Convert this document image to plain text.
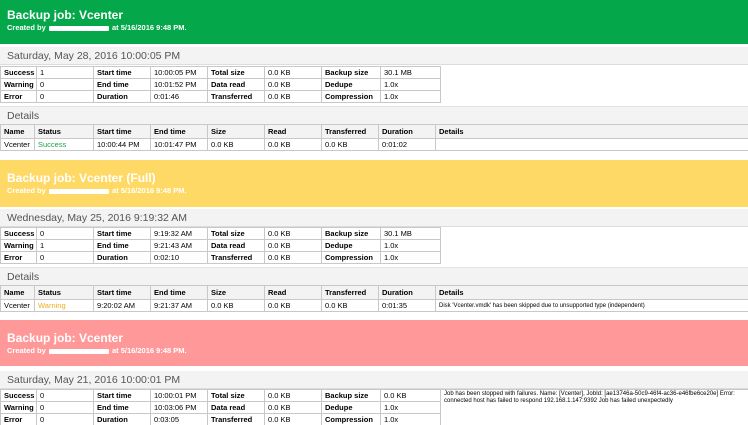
Backup job: Vcenter
Created by	at 5/16/2016 9:48 PM.
Saturday, May 28, 2016 10:00:05 PM
Success	1	Start time	10:00:05 PM	Total size	0.0 KB	Backup size	30.1 MB
Warning	0	End time	10:01:52 PM	Data read	0.0 KB	Dedupe	1.0x
Error	0	Duration	0:01:46	Transferred	0.0 KB	Compression	1.0x
Details
Name	Status	Start time	End time	Size	Read	Transferred	Duration	Details
Vcenter	Success	10:00:44 PM	10:01:47 PM	0.0 KB	0.0 KB	0.0 KB	0:01:02	
Backup job: Vcenter (Full)
Created by	at 5/16/2016 9:48 PM.
Wednesday, May 25, 2016 9:19:32 AM
Success	0	Start time	9:19:32 AM	Total size	0.0 KB	Backup size	30.1 MB
Warning	1	End time	9:21:43 AM	Data read	0.0 KB	Dedupe	1.0x
Error	0	Duration	0:02:10	Transferred	0.0 KB	Compression	1.0x
Details
Name	Status	Start time	End time	Size	Read	Transferred	Duration	Details
Vcenter	Warning	9:20:02 AM	9:21:37 AM	0.0 KB	0.0 KB	0.0 KB	0:01:35	Disk 'Vcenter.vmdk' has been skipped due to unsupported type (independent)
Backup job: Vcenter
Created by	at 5/16/2016 9:48 PM.
Saturday, May 21, 2016 10:00:01 PM
Success	0	Start time	10:00:01 PM	Total size	0.0 KB	Backup size	0.0 KB	Job has been stopped with failures. Name: [Vcenter], JobId: [ae13746a-50c9-46f4-ac36-e46fbe6ce20e] Error: connected host has failed to respond 192.168.1.147:9392 Job has failed unexpectedly
Warning	0	End time	10:03:06 PM	Data read	0.0 KB	Dedupe	1.0x	
Error	0	Duration	0:03:05	Transferred	0.0 KB	Compression	1.0x	
